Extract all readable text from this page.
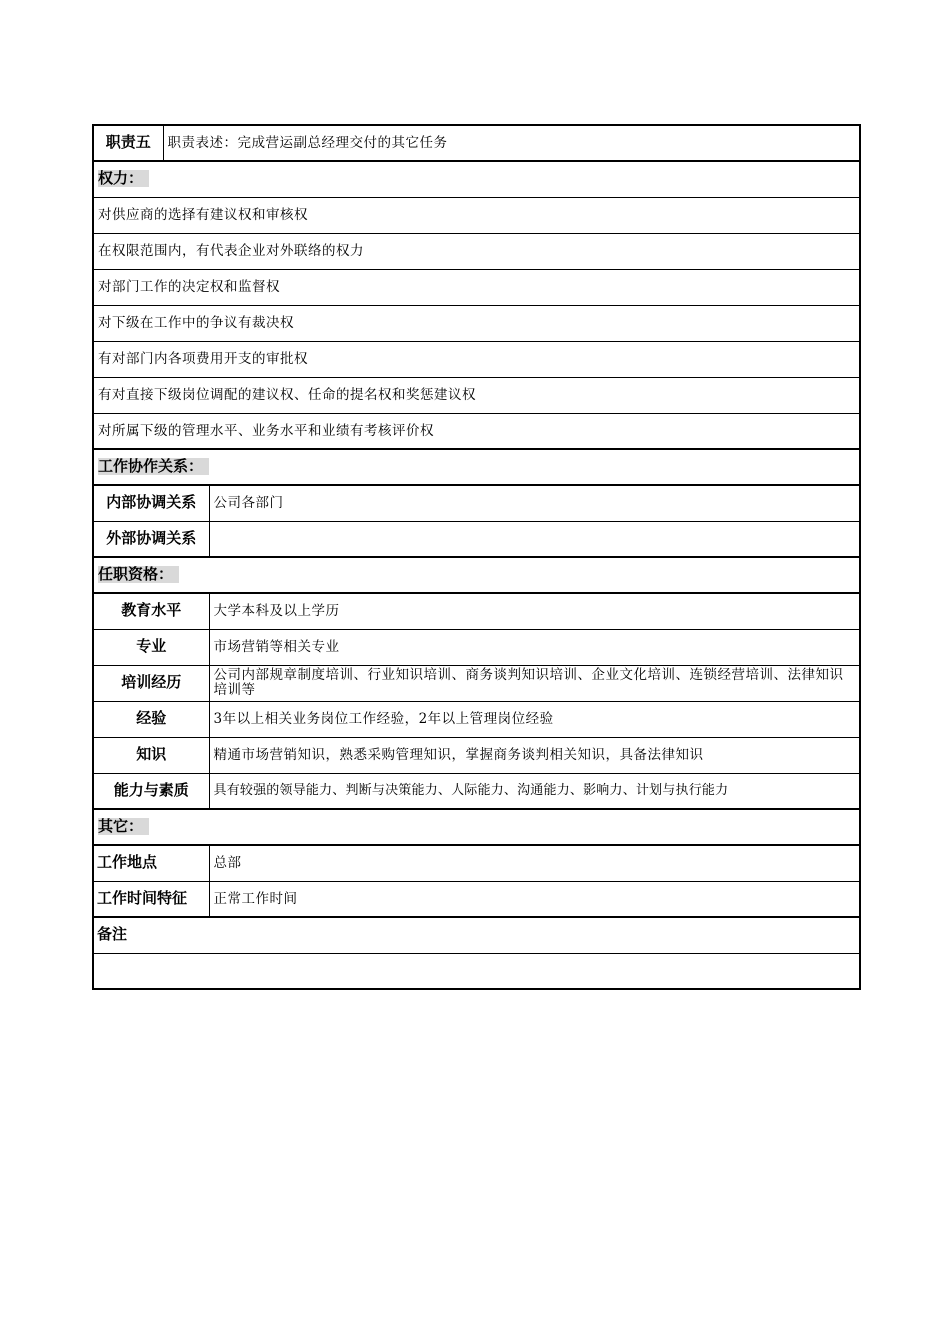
职责五	职责表述：完成营运副总经理交付的其它任务	
权力：		
对供应商的选择有建议权和审核权		
在权限范围内，有代表企业对外联络的权力		
对部门工作的决定权和监督权		
对下级在工作中的争议有裁决权		
有对部门内各项费用开支的审批权		
有对直接下级岗位调配的建议权、任命的提名权和奖惩建议权		
对所属下级的管理水平、业务水平和业绩有考核评价权		
工作协作关系：		
内部协调关系		公司各部门
外部协调关系		
任职资格：		
教育水平		大学本科及以上学历
专业		市场营销等相关专业
培训经历		公司内部规章制度培训、行业知识培训、商务谈判知识培训、企业文化培训、连锁经营培训、法律知识培训等
经验		3年以上相关业务岗位工作经验，2年以上管理岗位经验
知识		精通市场营销知识，熟悉采购管理知识，掌握商务谈判相关知识，具备法律知识
能力与素质		具有较强的领导能力、判断与决策能力、人际能力、沟通能力、影响力、计划与执行能力
其它：		
工作地点		总部
工作时间特征		正常工作时间
备注		
